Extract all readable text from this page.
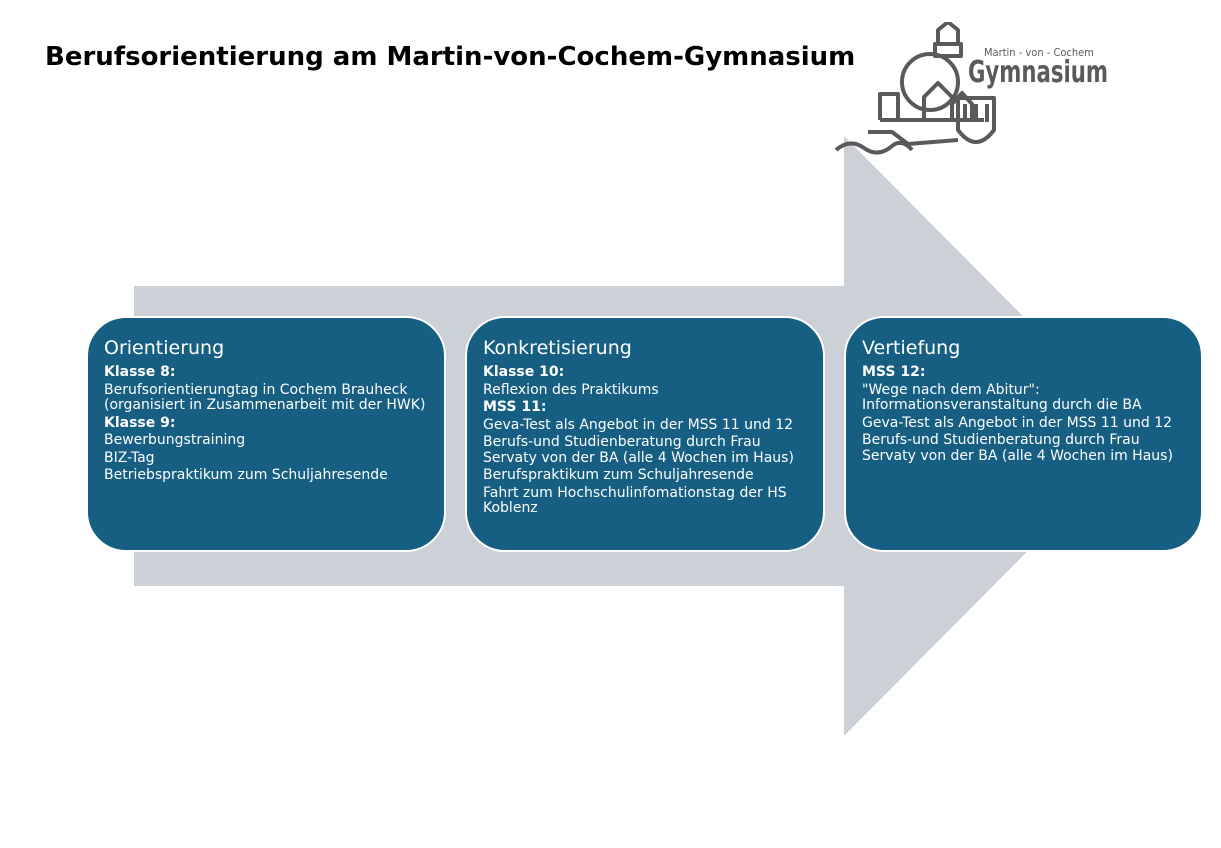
Berufsorientierung am Martin-von-Cochem-Gymnasium	Martin - von - Cochem
Gymnasium
Orientierung

Klasse 8:

Berufsorientierungtag in Cochem Brauheck (organisiert in Zusammenarbeit mit der HWK)

Klasse 9:

Bewerbungstraining

BIZ-Tag

Betriebspraktikum zum Schuljahresende

Konkretisierung

Klasse 10:

Reflexion des Praktikums

MSS 11:

Geva-Test als Angebot in der MSS 11 und 12

Berufs-und Studienberatung durch Frau Servaty von der BA (alle 4 Wochen im Haus)

Berufspraktikum zum Schuljahresende

Fahrt zum Hochschulinfomationstag der HS Koblenz

Vertiefung

MSS 12:

"Wege nach dem Abitur": Informationsveranstaltung durch die BA

Geva-Test als Angebot in der MSS 11 und 12

Berufs-und Studienberatung durch Frau Servaty von der BA (alle 4 Wochen im Haus)
